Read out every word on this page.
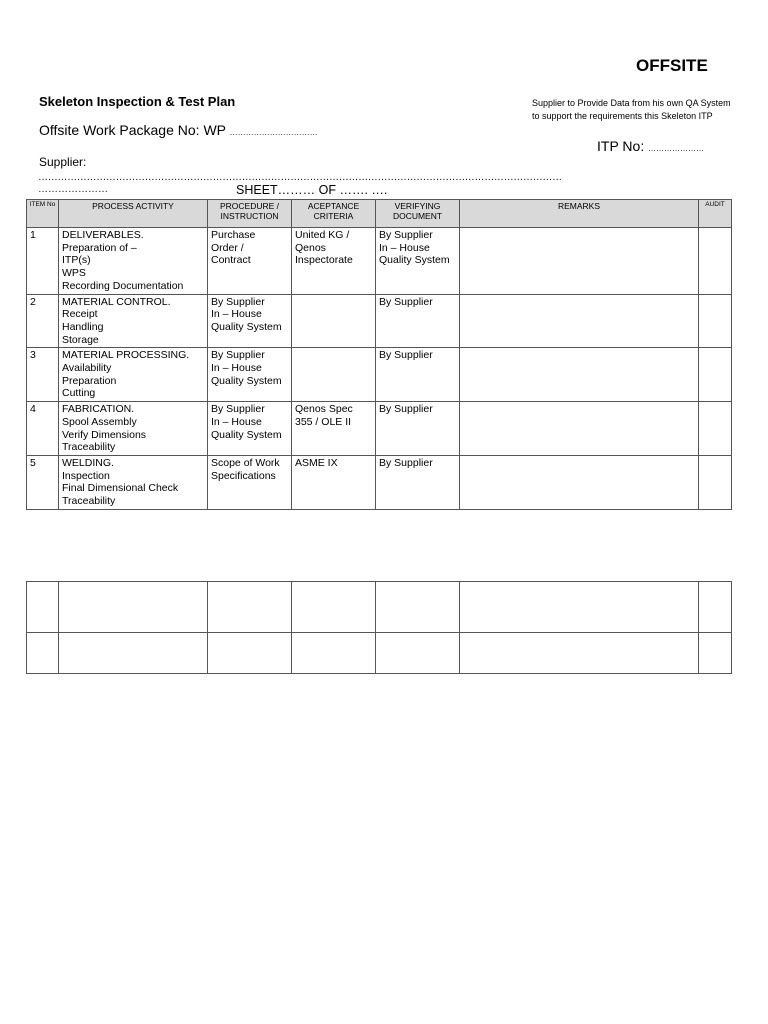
OFFSITE
Skeleton Inspection & Test Plan
Offsite Work Package No: WP ……………………………
Supplier to Provide Data from his own QA System to support the requirements this Skeleton ITP
ITP No: …………………
Supplier:
………………………………………………………………………………………………………………………………………………
…………………	SHEET……… OF ……. ….
ITEM No	PROCESS ACTIVITY	PROCEDURE / INSTRUCTION	ACEPTANCE CRITERIA	VERIFYING DOCUMENT	REMARKS	AUDIT
1	DELIVERABLES.
Preparation of –
ITP(s)
WPS
Recording Documentation	Purchase
Order /
Contract	United KG /
Qenos
Inspectorate	By Supplier
In – House
Quality System		

2	MATERIAL CONTROL.
Receipt
Handling
Storage	By Supplier
In – House
Quality System		By Supplier		

3	MATERIAL PROCESSING.
Availability
Preparation
Cutting	By Supplier
In – House
Quality System		By Supplier		

4	FABRICATION.
Spool Assembly
Verify Dimensions
Traceability	By Supplier
In – House
Quality System	Qenos Spec
355 / OLE II	By Supplier		

5	WELDING.
Inspection
Final Dimensional Check
Traceability	Scope of Work
Specifications	ASME IX	By Supplier		
